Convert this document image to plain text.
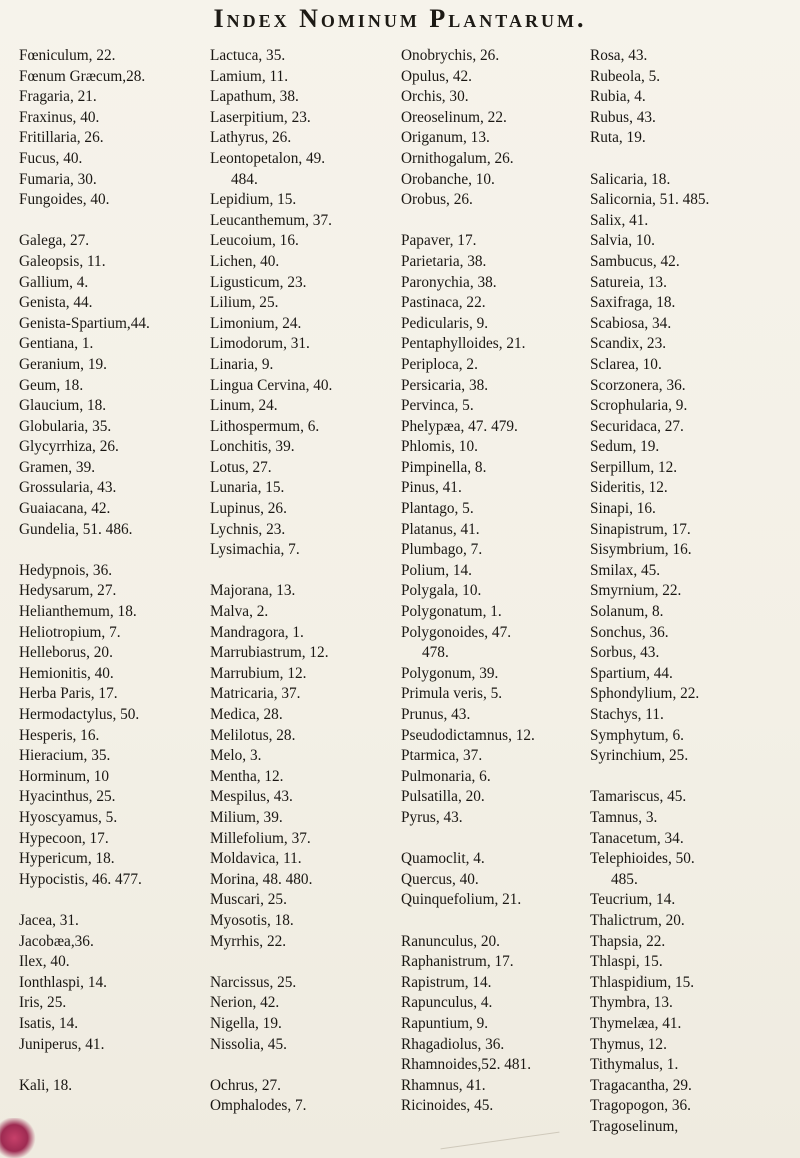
Index Nominum Plantarum.
Fœniculum, 22.
Fœnum Græcum,28.
Fragaria, 21.
Fraxinus, 40.
Fritillaria, 26.
Fucus, 40.
Fumaria, 30.
Fungoides, 40.
Galega, 27.
Galeopsis, 11.
Gallium, 4.
Genista, 44.
Genista-Spartium,44.
Gentiana, 1.
Geranium, 19.
Geum, 18.
Glaucium, 18.
Globularia, 35.
Glycyrrhiza, 26.
Gramen, 39.
Grossularia, 43.
Guaiacana, 42.
Gundelia, 51. 486.
Hedypnois, 36.
Hedysarum, 27.
Helianthemum, 18.
Heliotropium, 7.
Helleborus, 20.
Hemionitis, 40.
Herba Paris, 17.
Hermodactylus, 50.
Hesperis, 16.
Hieracium, 35.
Horminum, 10
Hyacinthus, 25.
Hyoscyamus, 5.
Hypecoon, 17.
Hypericum, 18.
Hypocistis, 46. 477.
Jacea, 31.
Jacobæa,36.
Ilex, 40.
Ionthlaspi, 14.
Iris, 25.
Isatis, 14.
Juniperus, 41.
Kali, 18.
Lactuca, 35.
Lamium, 11.
Lapathum, 38.
Laserpitium, 23.
Lathyrus, 26.
Leontopetalon, 49.
484.
Lepidium, 15.
Leucanthemum, 37.
Leucoium, 16.
Lichen, 40.
Ligusticum, 23.
Lilium, 25.
Limonium, 24.
Limodorum, 31.
Linaria, 9.
Lingua Cervina, 40.
Linum, 24.
Lithospermum, 6.
Lonchitis, 39.
Lotus, 27.
Lunaria, 15.
Lupinus, 26.
Lychnis, 23.
Lysimachia, 7.
Majorana, 13.
Malva, 2.
Mandragora, 1.
Marrubiastrum, 12.
Marrubium, 12.
Matricaria, 37.
Medica, 28.
Melilotus, 28.
Melo, 3.
Mentha, 12.
Mespilus, 43.
Milium, 39.
Millefolium, 37.
Moldavica, 11.
Morina, 48. 480.
Muscari, 25.
Myosotis, 18.
Myrrhis, 22.
Narcissus, 25.
Nerion, 42.
Nigella, 19.
Nissolia, 45.
Ochrus, 27.
Omphalodes, 7.
Onobrychis, 26.
Opulus, 42.
Orchis, 30.
Oreoselinum, 22.
Origanum, 13.
Ornithogalum, 26.
Orobanche, 10.
Orobus, 26.
Papaver, 17.
Parietaria, 38.
Paronychia, 38.
Pastinaca, 22.
Pedicularis, 9.
Pentaphylloides, 21.
Periploca, 2.
Persicaria, 38.
Pervinca, 5.
Phelypæa, 47. 479.
Phlomis, 10.
Pimpinella, 8.
Pinus, 41.
Plantago, 5.
Platanus, 41.
Plumbago, 7.
Polium, 14.
Polygala, 10.
Polygonatum, 1.
Polygonoides, 47.
478.
Polygonum, 39.
Primula veris, 5.
Prunus, 43.
Pseudodictamnus, 12.
Ptarmica, 37.
Pulmonaria, 6.
Pulsatilla, 20.
Pyrus, 43.
Quamoclit, 4.
Quercus, 40.
Quinquefolium, 21.
Ranunculus, 20.
Raphanistrum, 17.
Rapistrum, 14.
Rapunculus, 4.
Rapuntium, 9.
Rhagadiolus, 36.
Rhamnoides,52. 481.
Rhamnus, 41.
Ricinoides, 45.
Rosa, 43.
Rubeola, 5.
Rubia, 4.
Rubus, 43.
Ruta, 19.
Salicaria, 18.
Salicornia, 51. 485.
Salix, 41.
Salvia, 10.
Sambucus, 42.
Satureia, 13.
Saxifraga, 18.
Scabiosa, 34.
Scandix, 23.
Sclarea, 10.
Scorzonera, 36.
Scrophularia, 9.
Securidaca, 27.
Sedum, 19.
Serpillum, 12.
Sideritis, 12.
Sinapi, 16.
Sinapistrum, 17.
Sisymbrium, 16.
Smilax, 45.
Smyrnium, 22.
Solanum, 8.
Sonchus, 36.
Sorbus, 43.
Spartium, 44.
Sphondylium, 22.
Stachys, 11.
Symphytum, 6.
Syrinchium, 25.
Tamariscus, 45.
Tamnus, 3.
Tanacetum, 34.
Telephioides, 50.
485.
Teucrium, 14.
Thalictrum, 20.
Thapsia, 22.
Thlaspi, 15.
Thlaspidium, 15.
Thymbra, 13.
Thymelæa, 41.
Thymus, 12.
Tithymalus, 1.
Tragacantha, 29.
Tragopogon, 36.
Tragoselinum,
